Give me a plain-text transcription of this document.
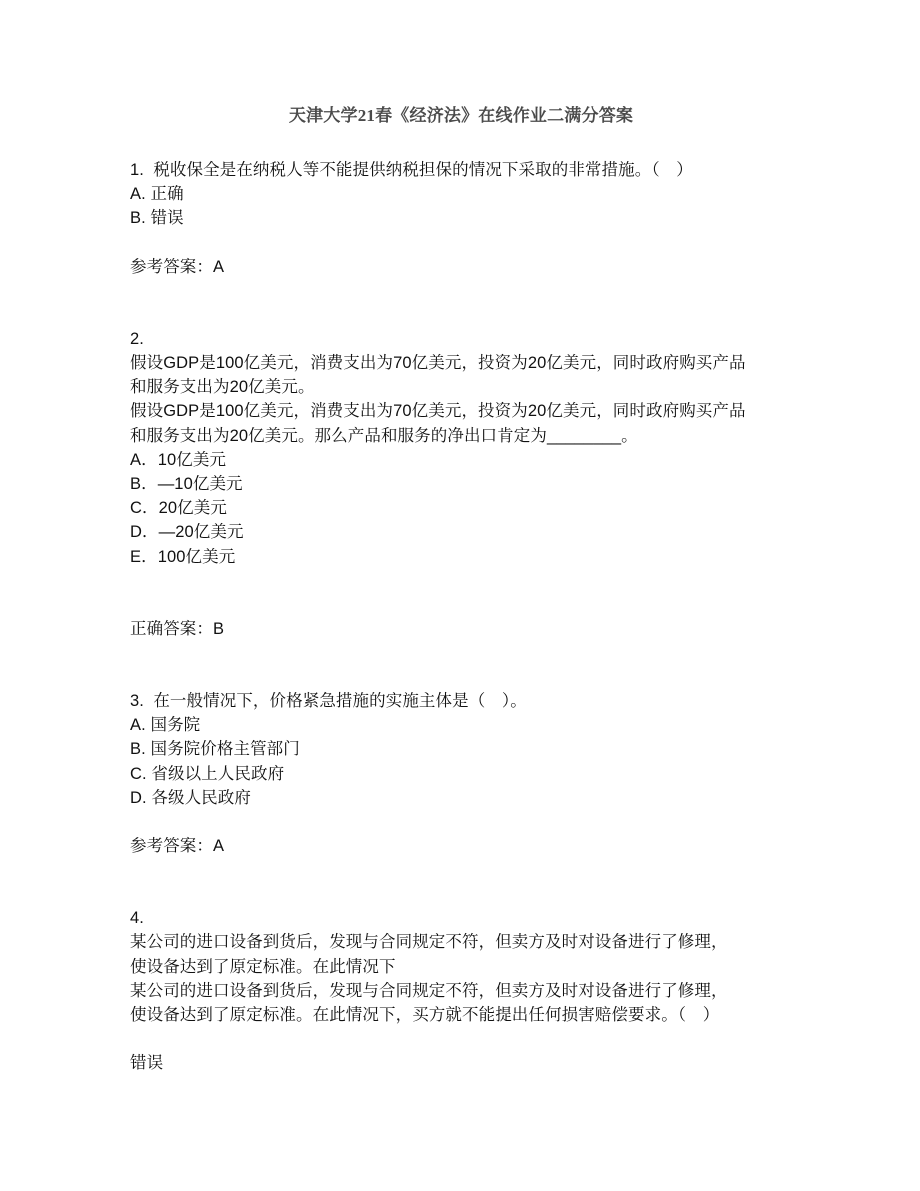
天津大学21春《经济法》在线作业二满分答案

1.  税收保全是在纳税人等不能提供纳税担保的情况下采取的非常措施。（　）

A. 正确

B. 错误

参考答案：A

2.

假设GDP是100亿美元，消费支出为70亿美元，投资为20亿美元，同时政府购买产品

和服务支出为20亿美元。

假设GDP是100亿美元，消费支出为70亿美元，投资为20亿美元，同时政府购买产品

和服务支出为20亿美元。那么产品和服务的净出口肯定为________。

A．10亿美元

B．—10亿美元

C．20亿美元

D．—20亿美元

E．100亿美元

正确答案：B

3.  在一般情况下，价格紧急措施的实施主体是（　）。

A. 国务院

B. 国务院价格主管部门

C. 省级以上人民政府

D. 各级人民政府

参考答案：A

4.

某公司的进口设备到货后，发现与合同规定不符，但卖方及时对设备进行了修理，

使设备达到了原定标准。在此情况下

某公司的进口设备到货后，发现与合同规定不符，但卖方及时对设备进行了修理，

使设备达到了原定标准。在此情况下，买方就不能提出任何损害赔偿要求。（　）

错误
